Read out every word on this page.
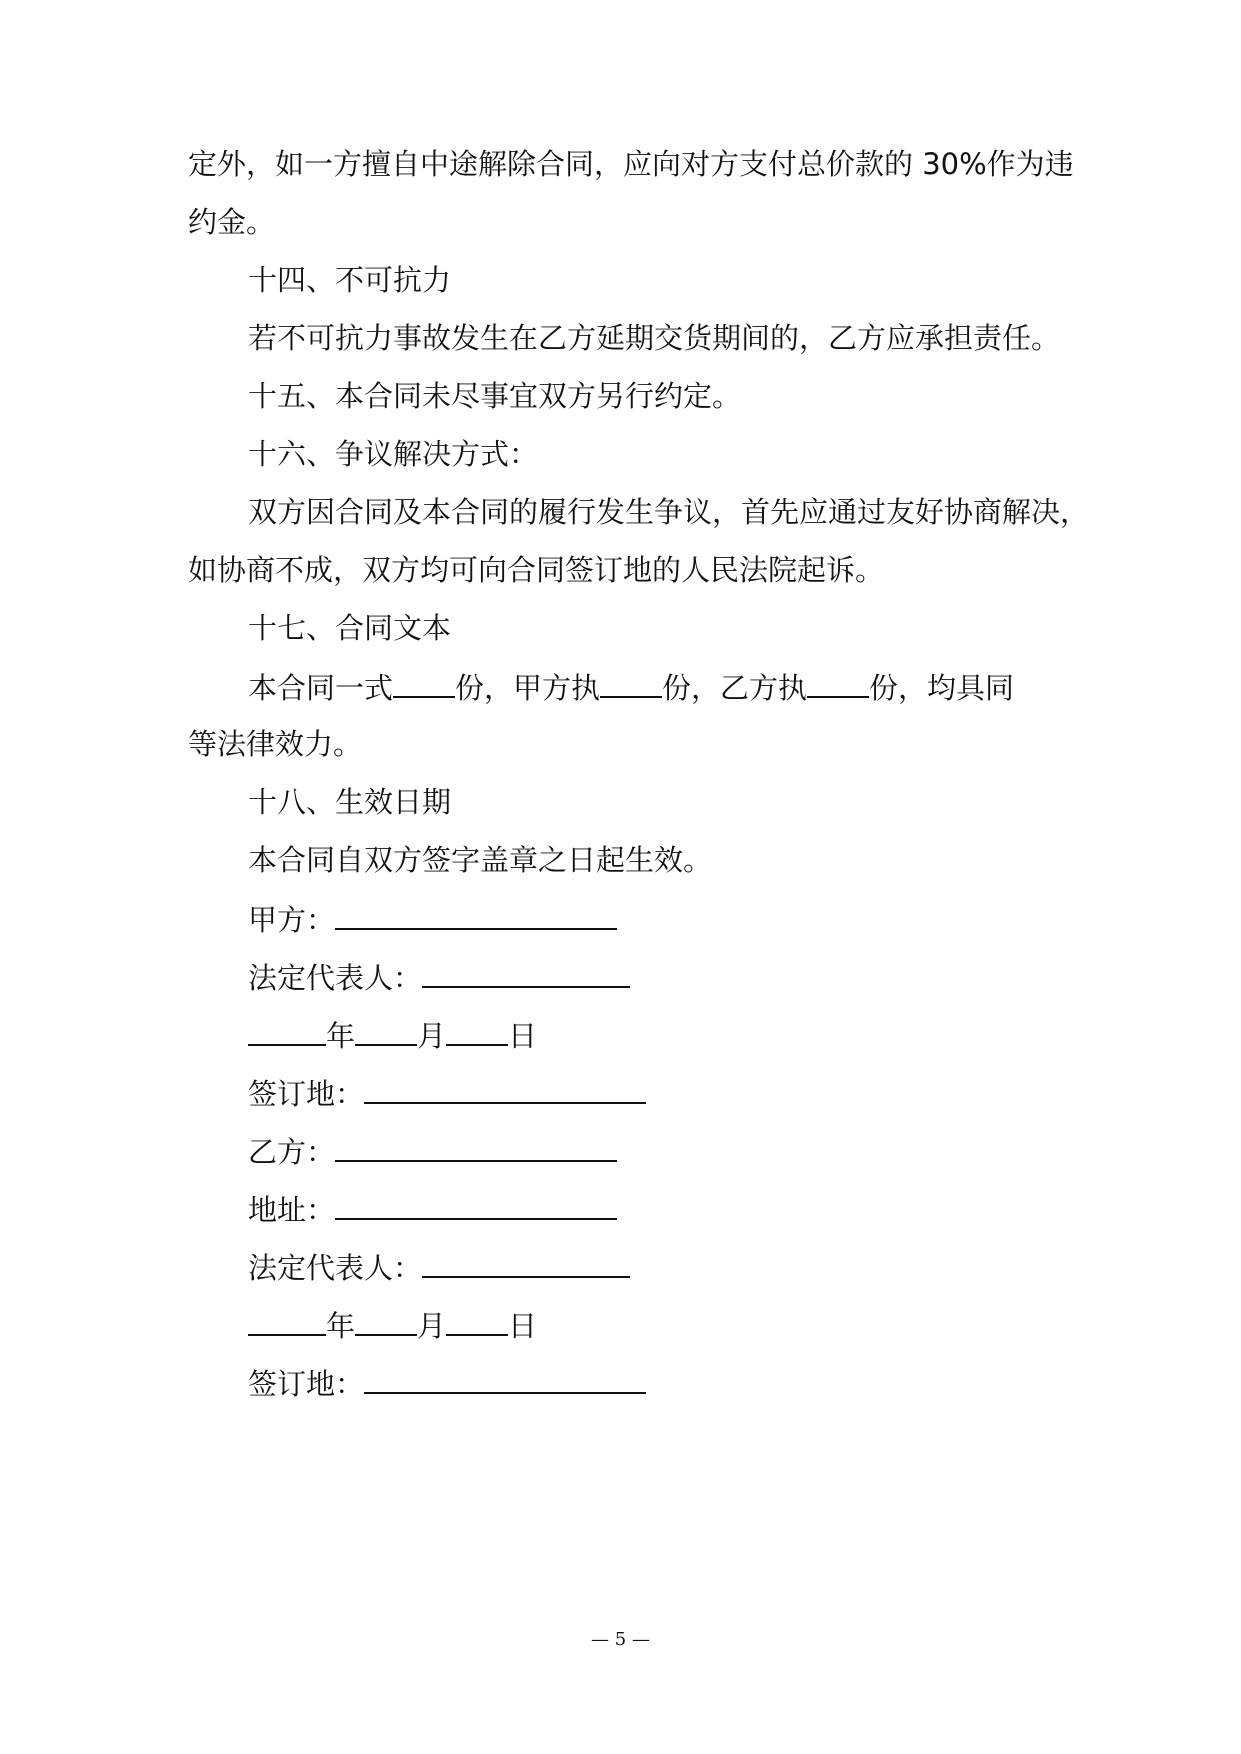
定外，如一方擅自中途解除合同，应向对方支付总价款的 30%作为违
约金。
十四、不可抗力
若不可抗力事故发生在乙方延期交货期间的，乙方应承担责任。
十五、本合同未尽事宜双方另行约定。
十六、争议解决方式：
双方因合同及本合同的履行发生争议，首先应通过友好协商解决，
如协商不成，双方均可向合同签订地的人民法院起诉。
十七、合同文本
本合同一式 份，甲方执 份，乙方执 份，均具同
等法律效力。
十八、生效日期
本合同自双方签字盖章之日起生效。
甲方：
法定代表人：
年 月 日
签订地：
乙方：
地址：
法定代表人：
年 月 日
签订地：
— 5 —
